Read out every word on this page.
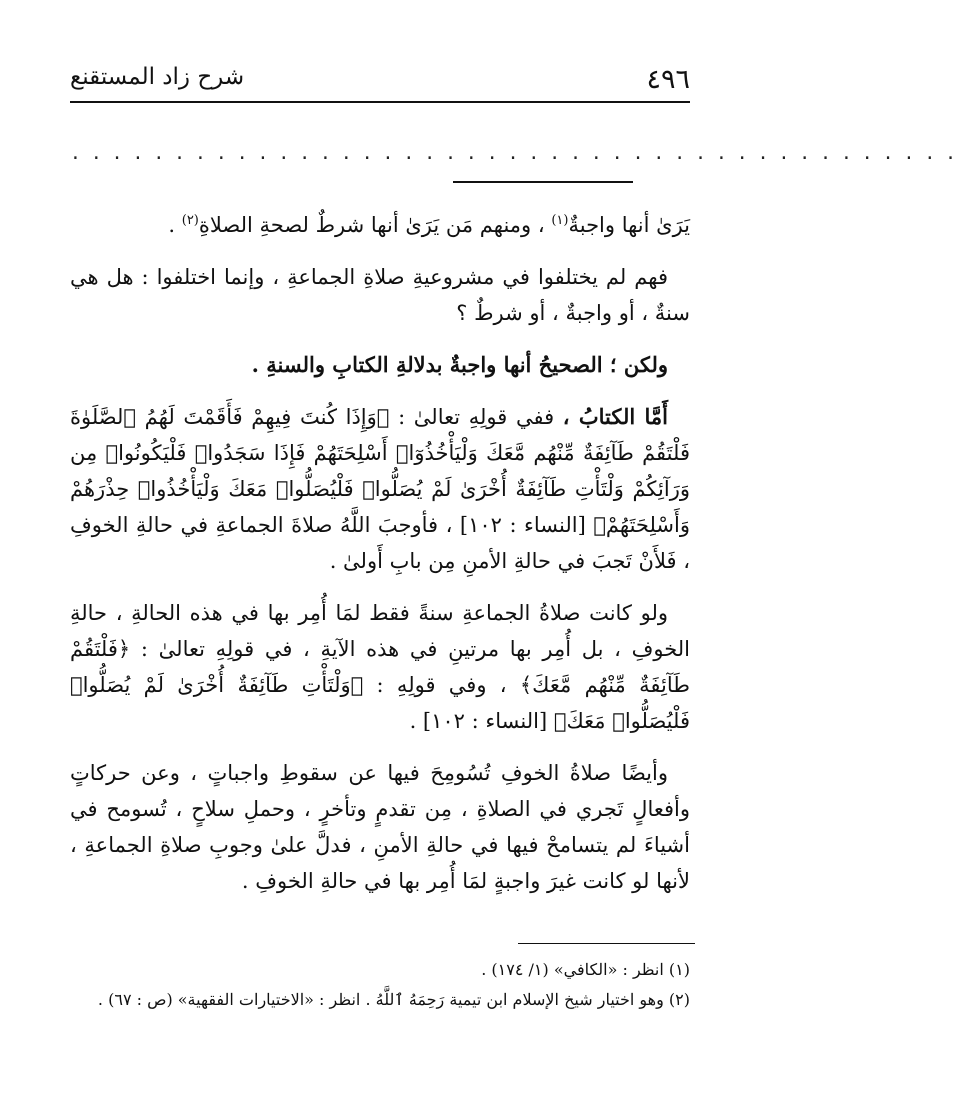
٤٩٦
شرح زاد المستقنع
...........................................

يَرَىٰ أنها واجبةٌ$^{(١)}$ ، ومنهم مَن يَرَىٰ أنها شرطٌ لصحةِ الصلاةِ$^{(٢)}$ .

فهم لم يختلفوا في مشروعيةِ صلاةِ الجماعةِ ، وإنما اختلفوا : هل هي سنةٌ ، أو واجبةٌ ، أو شرطٌ ؟

ولكن ؛ الصحيحُ أنها واجبةٌ بدلالةِ الكتابِ والسنةِ .

أَمَّا الكتابُ ، ففي قولِهِ تعالىٰ : ﴿وَإِذَا كُنتَ فِيهِمْ فَأَقَمْتَ لَهُمُ ٱلصَّلَوٰةَ فَلْتَقُمْ طَآئِفَةٌ مِّنْهُم مَّعَكَ وَلْيَأْخُذُوٓا۟ أَسْلِحَتَهُمْ فَإِذَا سَجَدُوا۟ فَلْيَكُونُوا۟ مِن وَرَآئِكُمْ وَلْتَأْتِ طَآئِفَةٌ أُخْرَىٰ لَمْ يُصَلُّوا۟ فَلْيُصَلُّوا۟ مَعَكَ وَلْيَأْخُذُوا۟ حِذْرَهُمْ وَأَسْلِحَتَهُمْ﴾ [النساء : ١٠٢] ، فأوجبَ اللَّهُ صلاةَ الجماعةِ في حالةِ الخوفِ ، فَلأَنْ تَجبَ في حالةِ الأمنِ مِن بابِ أَولىٰ .

ولو كانت صلاةُ الجماعةِ سنةً فقط لمَا أُمِر بها في هذه الحالةِ ، حالةِ الخوفِ ، بل أُمِر بها مرتينِ في هذه الآيةِ ، في قولِهِ تعالىٰ : ﴿فَلْتَقُمْ طَآئِفَةٌ مِّنْهُم مَّعَكَ﴾ ، وفي قولِهِ : ﴿وَلْتَأْتِ طَآئِفَةٌ أُخْرَىٰ لَمْ يُصَلُّوا۟ فَلْيُصَلُّوا۟ مَعَكَ﴾ [النساء : ١٠٢] .

وأيضًا صلاةُ الخوفِ تُسُومِحَ فيها عن سقوطِ واجباتٍ ، وعن حركاتٍ وأفعالٍ تَجري في الصلاةِ ، مِن تقدمٍ وتأخرٍ ، وحملِ سلاحٍ ، تُسومح في أشياءَ لم يتسامحْ فيها في حالةِ الأمنِ ، فدلَّ علىٰ وجوبِ صلاةِ الجماعةِ ، لأنها لو كانت غيرَ واجبةٍ لمَا أُمِر بها في حالةِ الخوفِ .

(١) انظر : «الكافي» (١/ ١٧٤) .
(٢) وهو اختيار شيخ الإسلام ابن تيمية رَحِمَهُ ٱللَّهُ . انظر : «الاختيارات الفقهية» (ص : ٦٧) .
